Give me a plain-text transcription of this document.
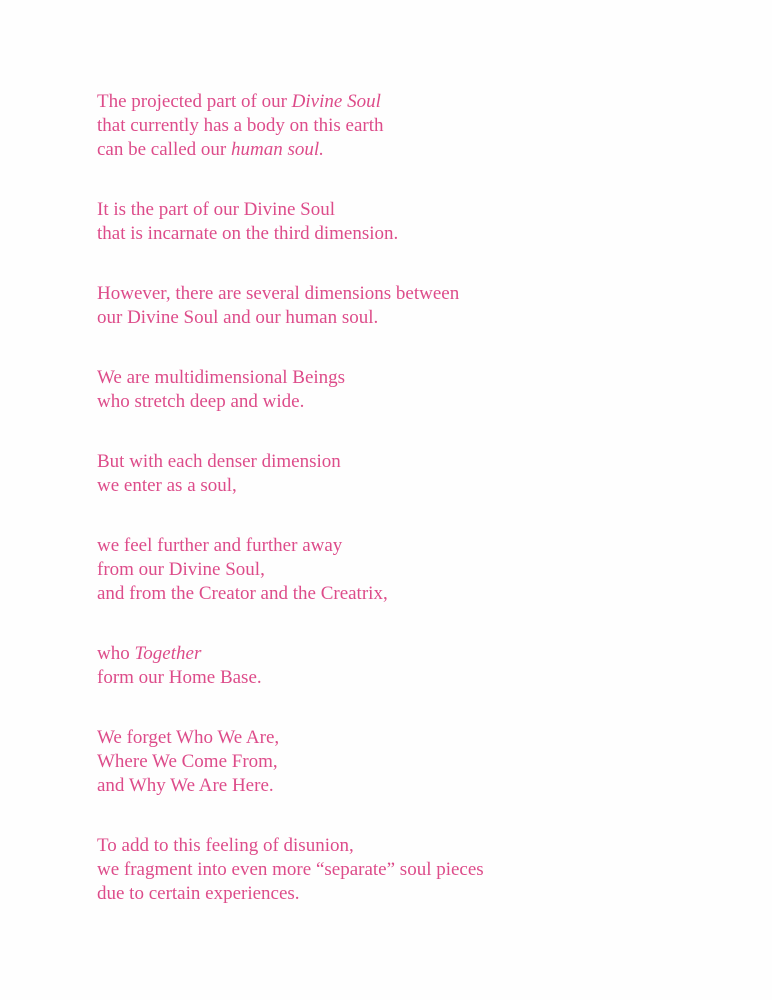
The projected part of our Divine Soul
that currently has a body on this earth
can be called our human soul.

It is the part of our Divine Soul
that is incarnate on the third dimension.

However, there are several dimensions between
our Divine Soul and our human soul.

We are multidimensional Beings
who stretch deep and wide.

But with each denser dimension
we enter as a soul,

we feel further and further away
from our Divine Soul,
and from the Creator and the Creatrix,

who Together
form our Home Base.

We forget Who We Are,
Where We Come From,
and Why We Are Here.

To add to this feeling of disunion,
we fragment into even more “separate” soul pieces
due to certain experiences.
